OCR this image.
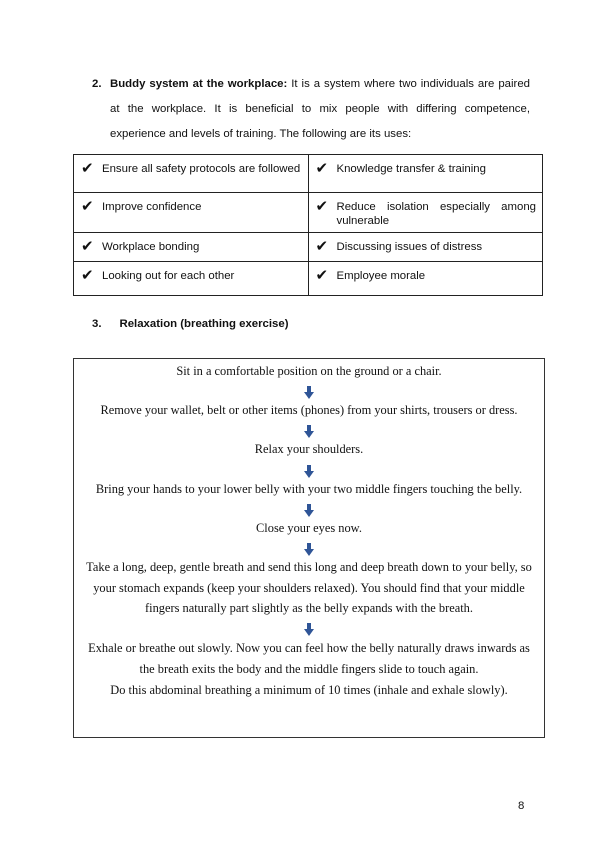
2. Buddy system at the workplace: It is a system where two individuals are paired at the workplace. It is beneficial to mix people with differing competence, experience and levels of training. The following are its uses:
✔ Ensure all safety protocols are followed	✔ Knowledge transfer & training

✔ Improve confidence	✔ Reduce isolation especially among vulnerable

✔ Workplace bonding	✔ Discussing issues of distress

✔ Looking out for each other	✔ Employee morale
3. Relaxation (breathing exercise)
Sit in a comfortable position on the ground or a chair.
Remove your wallet, belt or other items (phones) from your shirts, trousers or dress.
Relax your shoulders.
Bring your hands to your lower belly with your two middle fingers touching the belly.
Close your eyes now.
Take a long, deep, gentle breath and send this long and deep breath down to your belly, so your stomach expands (keep your shoulders relaxed). You should find that your middle fingers naturally part slightly as the belly expands with the breath.
Exhale or breathe out slowly. Now you can feel how the belly naturally draws inwards as the breath exits the body and the middle fingers slide to touch again.
Do this abdominal breathing a minimum of 10 times (inhale and exhale slowly).
8
